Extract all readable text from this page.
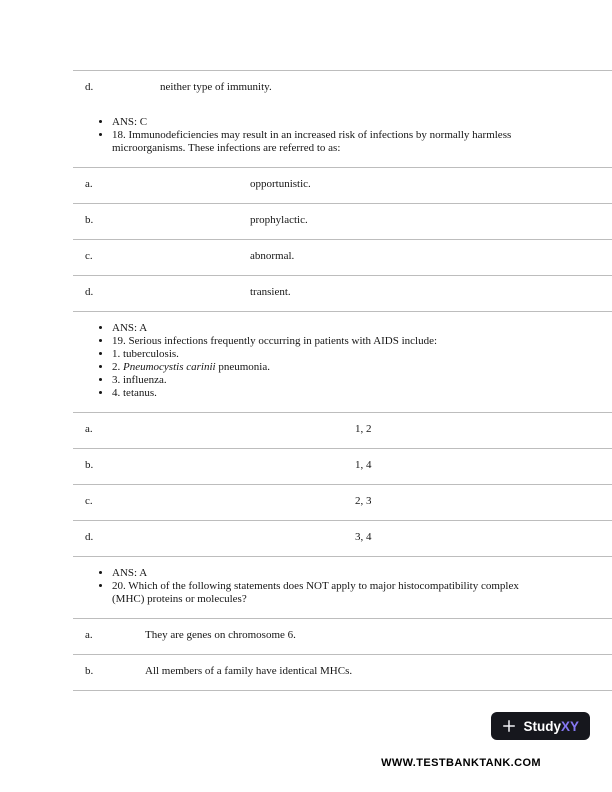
d.	neither type of immunity.
• ANS: C
• 18. Immunodeficiencies may result in an increased risk of infections by normally harmless microorganisms. These infections are referred to as:
a.	opportunistic.
b.	prophylactic.
c.	abnormal.
d.	transient.
• ANS: A
• 19. Serious infections frequently occurring in patients with AIDS include:
• 1. tuberculosis.
• 2. Pneumocystis carinii pneumonia.
• 3. influenza.
• 4. tetanus.
a.	1, 2
b.	1, 4
c.	2, 3
d.	3, 4
• ANS: A
• 20. Which of the following statements does NOT apply to major histocompatibility complex (MHC) proteins or molecules?
a.	They are genes on chromosome 6.
b.	All members of a family have identical MHCs.
StudyXY
WWW.TESTBANKTANK.COM
